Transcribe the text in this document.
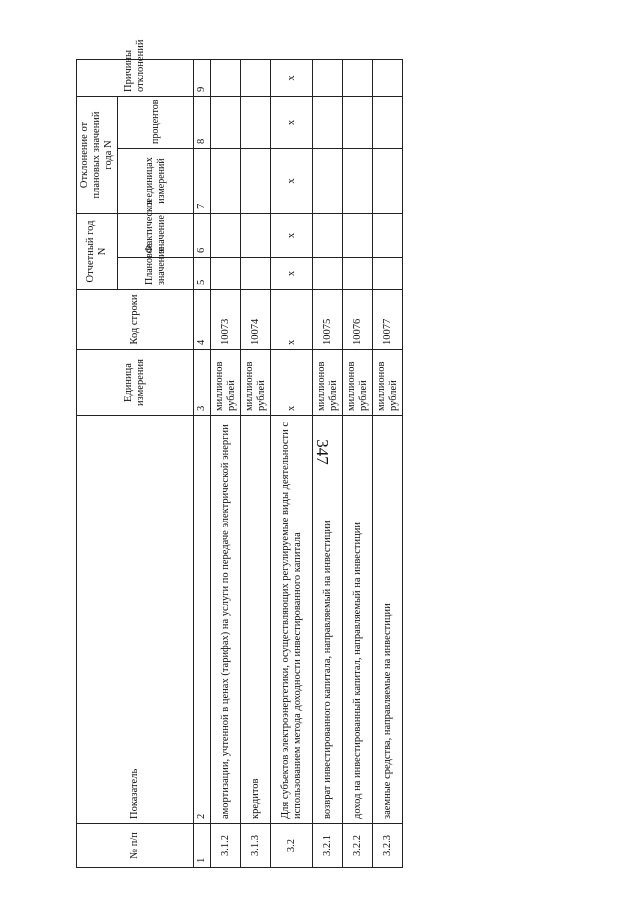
347
№ п/п	Показатель	Единица измерения	Код строки	Отчетный год N		Отклонение от плановых значений года N		Причины отклонений
				Плановое значение	Фактическое значение	в единицах измерений	процентов	
1	2	3	4	5	6	7	8	9
3.1.2	амортизации, учтенной в ценах (тарифах) на услуги по передаче электрической энергии	миллионов рублей	10073					
3.1.3	кредитов	миллионов рублей	10074					
3.2	Для субъектов электроэнергетики, осуществляющих регулируемые виды деятельности с использованием метода доходности инвестированного капитала	x	x	x	x	x	x	x
3.2.1	возврат инвестированного капитала, направляемый на инвестиции	миллионов рублей	10075					
3.2.2	доход на инвестированный капитал, направляемый на инвестиции	миллионов рублей	10076					
3.2.3	заемные средства, направляемые на инвестиции	миллионов рублей	10077					
